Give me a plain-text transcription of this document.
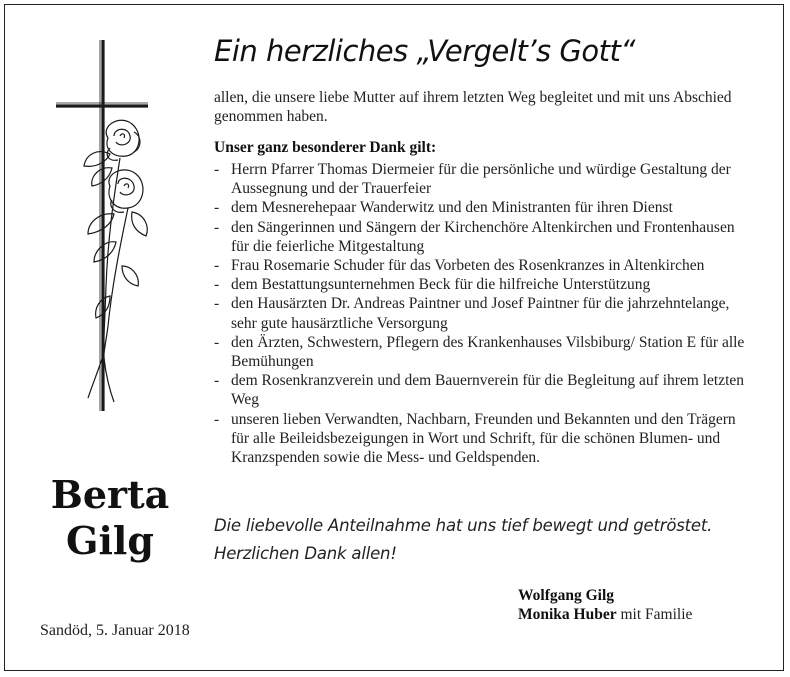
Berta
Gilg
Sandöd, 5. Januar 2018
Ein herzliches „Vergelt’s Gott“
allen, die unsere liebe Mutter auf ihrem letzten Weg begleitet und mit uns Abschied genommen haben.
Unser ganz besonderer Dank gilt:
- Herrn Pfarrer Thomas Diermeier für die persönliche und würdige Gestaltung der Aussegnung und der Trauerfeier
- dem Mesnerehepaar Wanderwitz und den Ministranten für ihren Dienst
- den Sängerinnen und Sängern der Kirchenchöre Altenkirchen und Frontenhausen für die feierliche Mitgestaltung
- Frau Rosemarie Schuder für das Vorbeten des Rosenkranzes in Altenkirchen
- dem Bestattungsunternehmen Beck für die hilfreiche Unterstützung
- den Hausärzten Dr. Andreas Paintner und Josef Paintner für die jahrzehntelange, sehr gute hausärztliche Versorgung
- den Ärzten, Schwestern, Pflegern des Krankenhauses Vilsbiburg/ Station E für alle Bemühungen
- dem Rosenkranzverein und dem Bauernverein für die Begleitung auf ihrem letzten Weg
- unseren lieben Verwandten, Nachbarn, Freunden und Bekannten und den Trägern für alle Beileidsbezeigungen in Wort und Schrift, für die schönen Blumen- und Kranzspenden sowie die Mess- und Geldspenden.
Die liebevolle Anteilnahme hat uns tief bewegt und getröstet.
Herzlichen Dank allen!
Wolfgang Gilg
Monika Huber mit Familie
